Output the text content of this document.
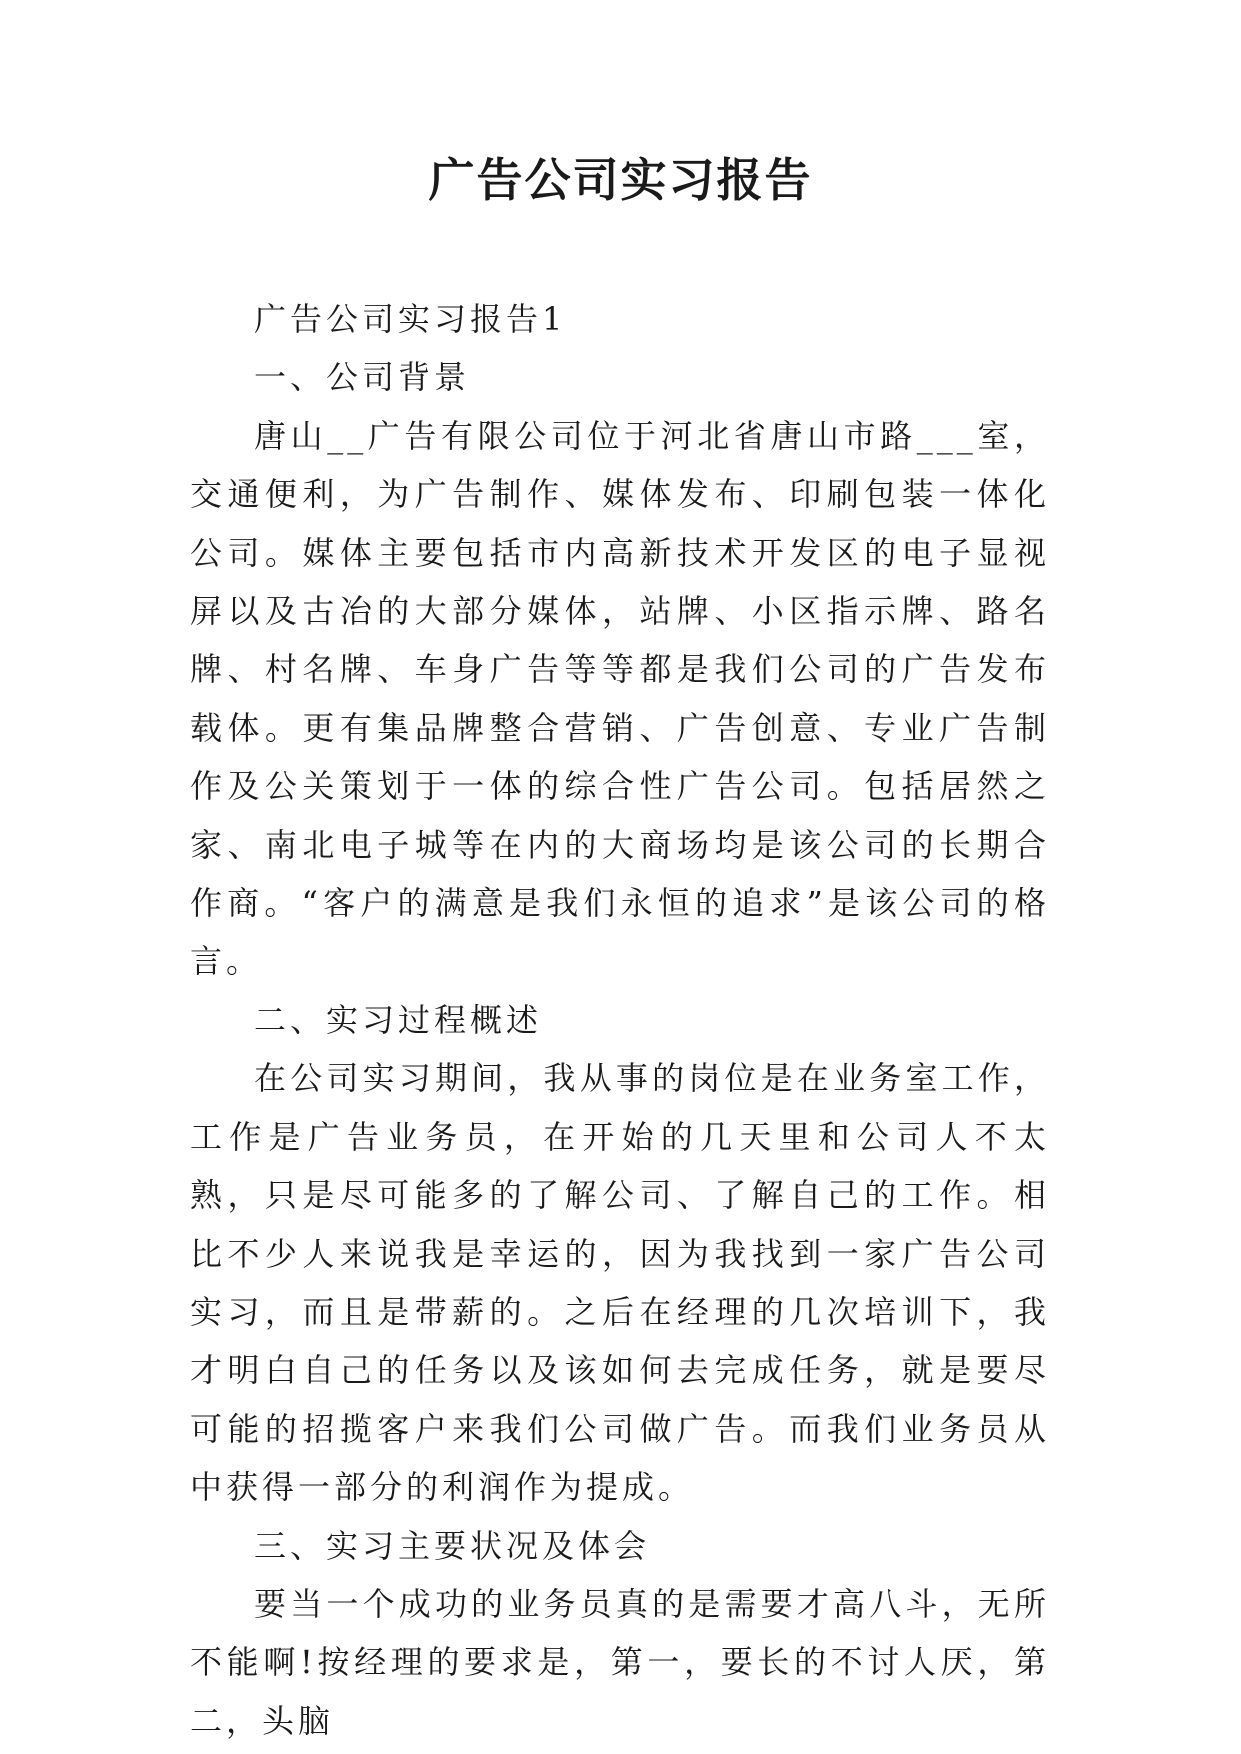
广告公司实习报告

广告公司实习报告1

一、公司背景

唐山__广告有限公司位于河北省唐山市路___室，交通便利，为广告制作、媒体发布、印刷包装一体化公司。媒体主要包括市内高新技术开发区的电子显视屏以及古冶的大部分媒体，站牌、小区指示牌、路名牌、村名牌、车身广告等等都是我们公司的广告发布载体。更有集品牌整合营销、广告创意、专业广告制作及公关策划于一体的综合性广告公司。包括居然之家、南北电子城等在内的大商场均是该公司的长期合作商。“客户的满意是我们永恒的追求”是该公司的格言。

二、实习过程概述

在公司实习期间，我从事的岗位是在业务室工作，工作是广告业务员，在开始的几天里和公司人不太熟，只是尽可能多的了解公司、了解自己的工作。相比不少人来说我是幸运的，因为我找到一家广告公司实习，而且是带薪的。之后在经理的几次培训下，我才明白自己的任务以及该如何去完成任务，就是要尽可能的招揽客户来我们公司做广告。而我们业务员从中获得一部分的利润作为提成。

三、实习主要状况及体会

要当一个成功的业务员真的是需要才高八斗，无所不能啊!按经理的要求是，第一，要长的不讨人厌，第二，头脑
